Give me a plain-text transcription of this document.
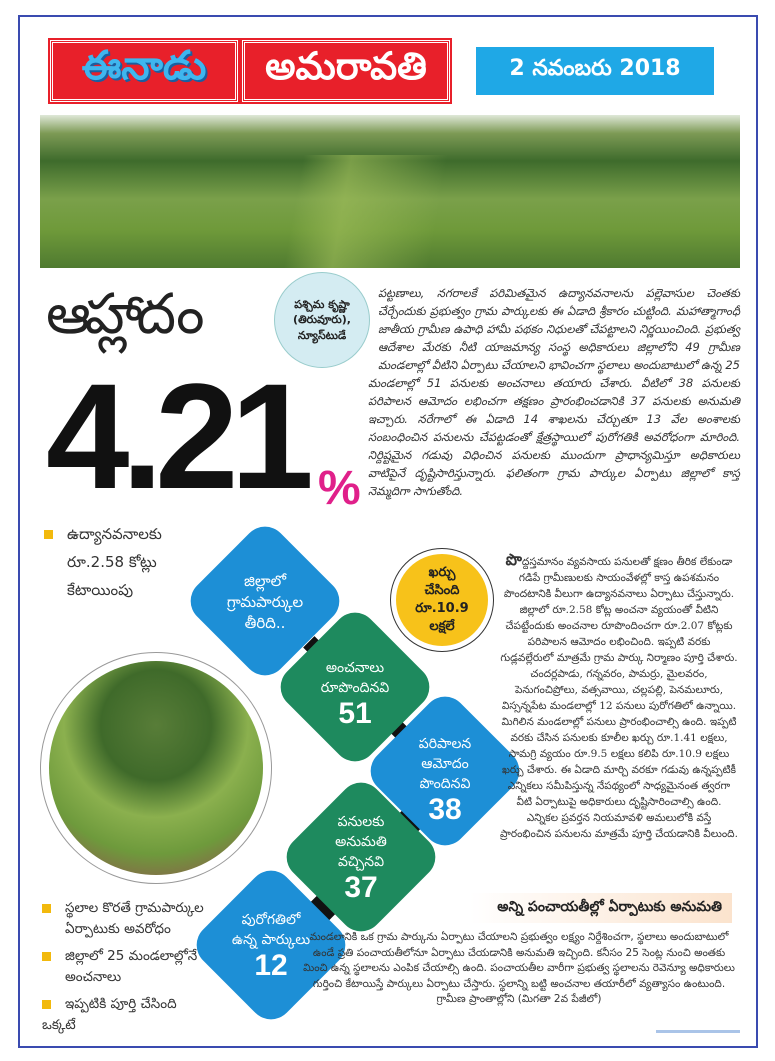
ఈనాడు	అమరావతి	2 నవంబరు 2018
ఆహ్లాదం	పశ్చిమ కృష్ణా
(తిరువూరు),
న్యూస్‌టుడే
4.21 %
పట్టణాలు, నగరాలకే పరిమితమైన ఉద్యానవనాలను పల్లెవాసుల చెంతకు చేర్చేందుకు ప్రభుత్వం గ్రామ పార్కులకు ఈ ఏడాది శ్రీకారం చుట్టింది. మహాత్మాగాంధీ జాతీయ గ్రామీణ ఉపాధి హామీ పథకం నిధులతో చేపట్టాలని నిర్ణయించింది. ప్రభుత్వ ఆదేశాల మేరకు నీటి యాజమాన్య సంస్థ అధికారులు జిల్లాలోని 49 గ్రామీణ మండలాల్లో వీటిని ఏర్పాటు చేయాలని భావించగా స్థలాలు అందుబాటులో ఉన్న 25 మండలాల్లో 51 పనులకు అంచనాలు తయారు చేశారు. వీటిలో 38 పనులకు పరిపాలన ఆమోదం లభించగా తక్షణం ప్రారంభించడానికి 37 పనులకు అనుమతి ఇచ్చారు. నరేగాలో ఈ ఏడాది 14 శాఖలను చేర్చుతూ 13 వేల అంశాలకు సంబంధించిన పనులను చేపట్టడంతో క్షేత్రస్థాయిలో పురోగతికి అవరోధంగా మారింది. నిర్దిష్టమైన గడువు విధించిన పనులకు ముందుగా ప్రాధాన్యమిస్తూ అధికారులు వాటిపైనే దృష్టిసారిస్తున్నారు. ఫలితంగా గ్రామ పార్కుల ఏర్పాటు జిల్లాలో కాస్త నెమ్మదిగా సాగుతోంది.
ఉద్యానవనాలకు
రూ.2.58 కోట్లు
కేటాయింపు	జిల్లాలో
గ్రామపార్కుల
తీరిది..
అంచనాలు
రూపొందినవి
51
పరిపాలన
ఆమోదం
పొందినవి
38
పనులకు
అనుమతి
వచ్చినవి
37
పురోగతిలో
ఉన్న పార్కులు
12
ఖర్చు
చేసింది
రూ.10.9
లక్షలే
పొద్దస్తమానం వ్యవసాయ పనులతో క్షణం తీరిక లేకుండా గడిపే గ్రామీణులకు సాయంవేళల్లో కాస్త ఉపశమనం పొందటానికి వీలుగా ఉద్యానవనాలు ఏర్పాటు చేస్తున్నారు. జిల్లాలో రూ.2.58 కోట్ల అంచనా వ్యయంతో వీటిని చేపట్టేందుకు అంచనాల రూపొందించగా రూ.2.07 కోట్లకు పరిపాలన ఆమోదం లభించింది. ఇప్పటి వరకు గుడ్లవల్లేరులో మాత్రమే గ్రామ పార్కు నిర్మాణం పూర్తి చేశారు. చందర్లపాడు, గన్నవరం, పామర్రు, మైలవరం, పెనుగంచిప్రోలు, వత్సవాయి, చల్లపల్లి, పెనమలూరు, విస్సన్నపేట మండలాల్లో 12 పనులు పురోగతిలో ఉన్నాయి. మిగిలిన మండలాల్లో పనులు ప్రారంభించాల్సి ఉంది. ఇప్పటి వరకు చేసిన పనులకు కూలీల ఖర్చు రూ.1.41 లక్షలు, సామగ్రి వ్యయం రూ.9.5 లక్షలు కలిపి రూ.10.9 లక్షలు ఖర్చు చేశారు. ఈ ఏడాది మార్చి వరకూ గడువు ఉన్నప్పటికీ ఎన్నికలు సమీపిస్తున్న నేపథ్యంలో సాధ్యమైనంత త్వరగా వీటి ఏర్పాటుపై అధికారులు దృష్టిసారించాల్సి ఉంది. ఎన్నికల ప్రవర్తన నియమావళి అమలులోకి వస్తే ప్రారంభించిన పనులను మాత్రమే పూర్తి చేయడానికి వీలుంది.
అన్ని పంచాయతీల్లో ఏర్పాటుకు అనుమతి
మండలానికి ఒక గ్రామ పార్కును ఏర్పాటు చేయాలని ప్రభుత్వం లక్ష్యం నిర్దేశించగా, స్థలాలు అందుబాటులో ఉండే ప్రతి పంచాయతీలోనూ ఏర్పాటు చేయడానికి అనుమతి ఇచ్చింది. కనీసం 25 సెంట్ల నుంచి అంతకు మించి ఉన్న స్థలాలను ఎంపిక చేయాల్సి ఉంది. పంచాయతీల వారీగా ప్రభుత్వ స్థలాలను రెవెన్యూ అధికారులు గుర్తించి కేటాయిస్తే పార్కులు ఏర్పాటు చేస్తారు. స్థలాన్ని బట్టి అంచనాల తయారీలో వ్యత్యాసం ఉంటుంది. గ్రామీణ ప్రాంతాల్లోని (మిగతా 2వ పేజీలో)
స్థలాల కొరతే గ్రామపార్కుల
ఏర్పాటుకు అవరోధం
జిల్లాలో 25 మండలాల్లోనే
అంచనాలు
ఇప్పటికి పూర్తి చేసింది ఒక్కటే
